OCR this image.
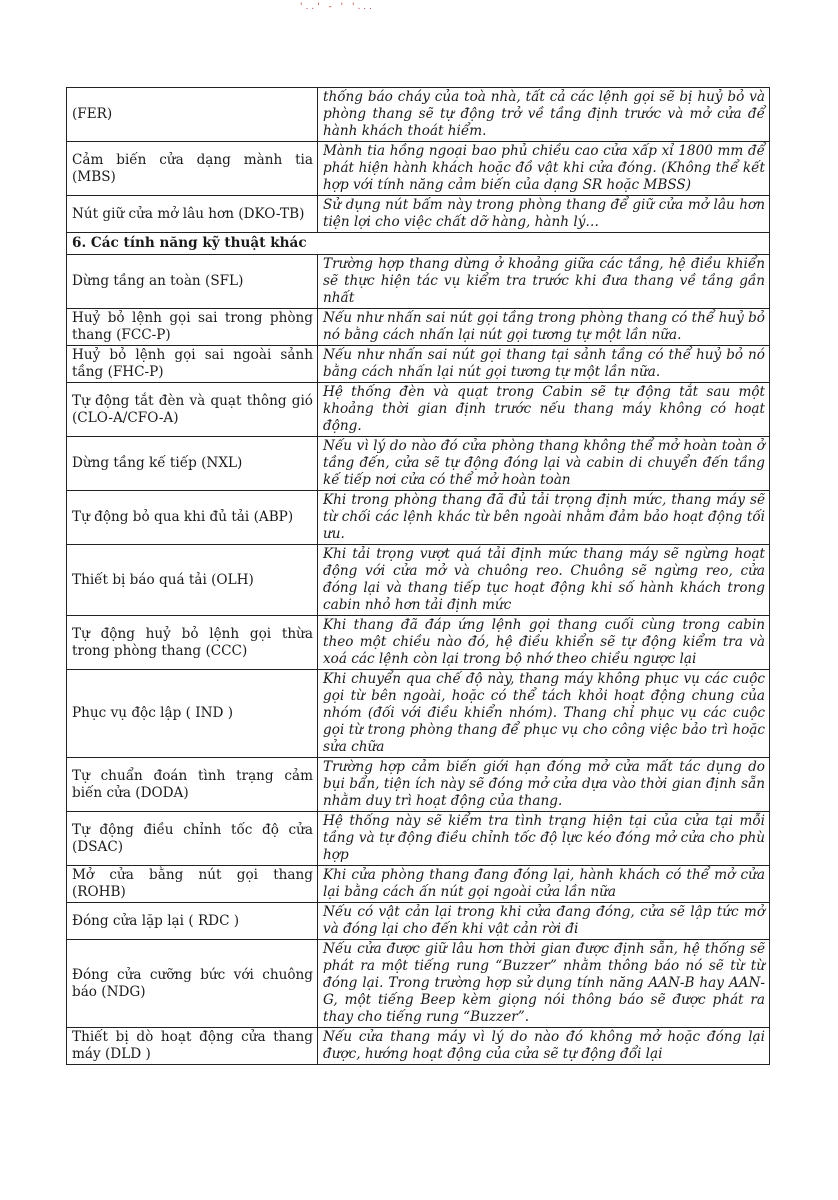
'..' - ' '...
(FER)	thống báo cháy của toà nhà, tất cả các lệnh gọi sẽ bị huỷ bỏ và phòng thang sẽ tự động trở về tầng định trước và mở cửa để hành khách thoát hiểm.
Cảm biến cửa dạng mành tia (MBS)	Mành tia hồng ngoại bao phủ chiều cao cửa xấp xỉ 1800 mm để phát hiện hành khách hoặc đồ vật khi cửa đóng. (Không thể kết hợp với tính năng cảm biến của dạng SR hoặc MBSS)
Nút giữ cửa mở lâu hơn (DKO-TB)	Sử dụng nút bấm này trong phòng thang để giữ cửa mở lâu hơn tiện lợi cho việc chất dỡ hàng, hành lý…
6. Các tính năng kỹ thuật khác	
Dừng tầng an toàn (SFL)	Trường hợp thang dừng ở khoảng giữa các tầng, hệ điều khiển sẽ thực hiện tác vụ kiểm tra trước khi đưa thang về tầng gần nhất
Huỷ bỏ lệnh gọi sai trong phòng thang (FCC-P)	Nếu như nhấn sai nút gọi tầng trong phòng thang có thể huỷ bỏ nó bằng cách nhấn lại nút gọi tương tự một lần nữa.
Huỷ bỏ lệnh gọi sai ngoài sảnh tầng (FHC-P)	Nếu như nhấn sai nút gọi thang tại sảnh tầng có thể huỷ bỏ nó bằng cách nhấn lại nút gọi tương tự một lần nữa.
Tự động tắt đèn và quạt thông gió (CLO-A/CFO-A)	Hệ thống đèn và quạt trong Cabin sẽ tự động tắt sau một khoảng thời gian định trước nếu thang máy không có hoạt động.
Dừng tầng kế tiếp (NXL)	Nếu vì lý do nào đó cửa phòng thang không thể mở hoàn toàn ở tầng đến, cửa sẽ tự động đóng lại và cabin di chuyển đến tầng kế tiếp nơi cửa có thể mở hoàn toàn
Tự động bỏ qua khi đủ tải (ABP)	Khi trong phòng thang đã đủ tải trọng định mức, thang máy sẽ từ chối các lệnh khác từ bên ngoài nhằm đảm bảo hoạt động tối ưu.
Thiết bị báo quá tải (OLH)	Khi tải trọng vượt quá tải định mức thang máy sẽ ngừng hoạt động với cửa mở và chuông reo. Chuông sẽ ngừng reo, cửa đóng lại và thang tiếp tục hoạt động khi số hành khách trong cabin nhỏ hơn tải định mức
Tự động huỷ bỏ lệnh gọi thừa trong phòng thang (CCC)	Khi thang đã đáp ứng lệnh gọi thang cuối cùng trong cabin theo một chiều nào đó, hệ điều khiển sẽ tự động kiểm tra và xoá các lệnh còn lại trong bộ nhớ theo chiều ngược lại
Phục vụ độc lập ( IND )	Khi chuyển qua chế độ này, thang máy không phục vụ các cuộc gọi từ bên ngoài, hoặc có thể tách khỏi hoạt động chung của nhóm (đối với điều khiển nhóm). Thang chỉ phục vụ các cuộc gọi từ trong phòng thang để phục vụ cho công việc bảo trì hoặc sửa chữa
Tự chuẩn đoán tình trạng cảm biến cửa (DODA)	Trường hợp cảm biến giới hạn đóng mở cửa mất tác dụng do bụi bẩn, tiện ích này sẽ đóng mở cửa dựa vào thời gian định sẵn nhằm duy trì hoạt động của thang.
Tự động điều chỉnh tốc độ cửa (DSAC)	Hệ thống này sẽ kiểm tra tình trạng hiện tại của cửa tại mỗi tầng và tự động điều chỉnh tốc độ lực kéo đóng mở cửa cho phù hợp
Mở cửa bằng nút gọi thang (ROHB)	Khi cửa phòng thang đang đóng lại, hành khách có thể mở cửa lại bằng cách ấn nút gọi ngoài cửa lần nữa
Đóng cửa lặp lại ( RDC )	Nếu có vật cản lại trong khi cửa đang đóng, cửa sẽ lập tức mở và đóng lại cho đến khi vật cản rời đi
Đóng cửa cưỡng bức với chuông báo (NDG)	Nếu cửa được giữ lâu hơn thời gian được định sẵn, hệ thống sẽ phát ra một tiếng rung “Buzzer” nhằm thông báo nó sẽ từ từ đóng lại. Trong trường hợp sử dụng tính năng AAN-B hay AAN-G, một tiếng Beep kèm giọng nói thông báo sẽ được phát ra thay cho tiếng rung “Buzzer”.
Thiết bị dò hoạt động cửa thang máy (DLD )	Nếu cửa thang máy vì lý do nào đó không mở hoặc đóng lại được, hướng hoạt động của cửa sẽ tự động đổi lại
